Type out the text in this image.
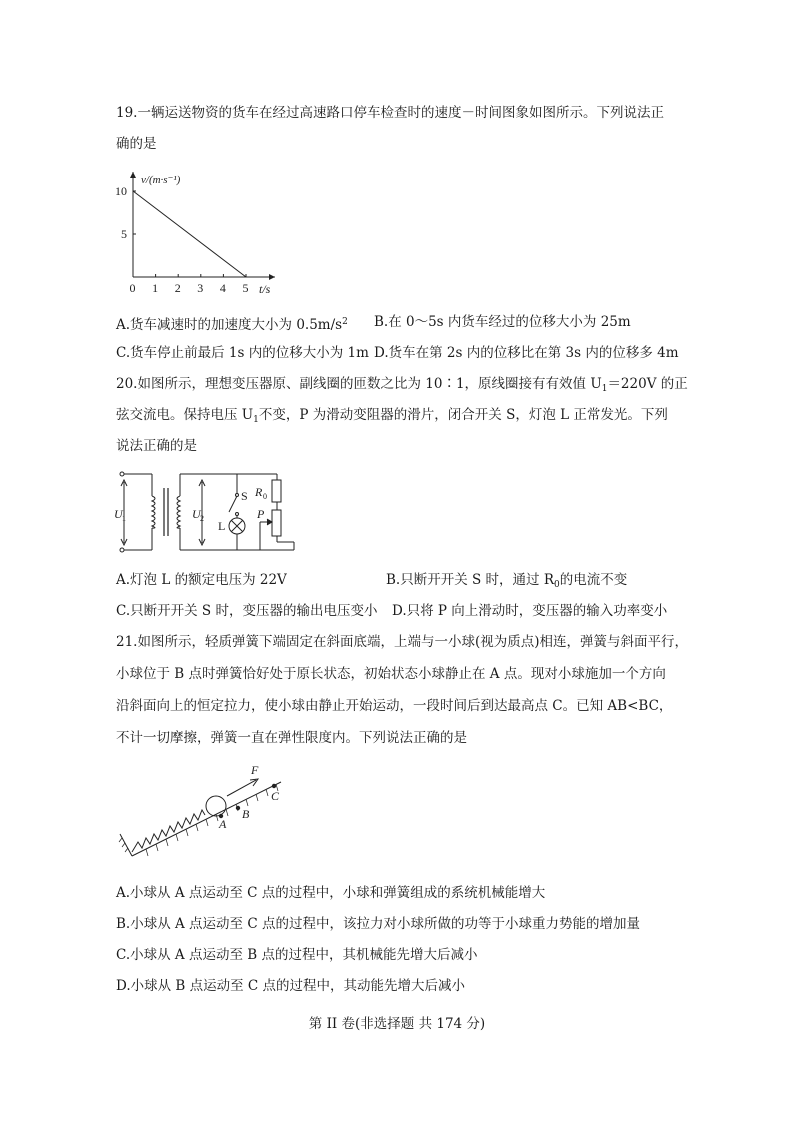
19.一辆运送物资的货车在经过高速路口停车检查时的速度－时间图象如图所示。下列说法正
确的是
0 1 2 3 4 5
5
10
v/(m·s⁻¹)
t/s
A.货车减速时的加速度大小为 $0.5m/s^2$ B.在 0～5s 内货车经过的位移大小为 25m
C.货车停止前最后 1s 内的位移大小为 1m D.货车在第 2s 内的位移比在第 3s 内的位移多 4m
20.如图所示，理想变压器原、副线圈的匝数之比为 10∶1，原线圈接有有效值 $U_1=220V$ 的正
弦交流电。保持电压 $U_1$不变，P 为滑动变阻器的滑片，闭合开关 S，灯泡 L 正常发光。下列
说法正确的是
U 1	U 2
S
L
R 0
P
A.灯泡 L 的额定电压为 22V	B.只断开开关 S 时，通过 $R_0$的电流不变
C.只断开开关 S 时，变压器的输出电压变小 D.只将 P 向上滑动时，变压器的输入功率变小
21.如图所示，轻质弹簧下端固定在斜面底端，上端与一小球(视为质点)相连，弹簧与斜面平行，
小球位于 B 点时弹簧恰好处于原长状态，初始状态小球静止在 A 点。现对小球施加一个方向
沿斜面向上的恒定拉力，使小球由静止开始运动，一段时间后到达最高点 C。已知 AB<BC，
不计一切摩擦，弹簧一直在弹性限度内。下列说法正确的是
F
A
B
C
A.小球从 A 点运动至 C 点的过程中，小球和弹簧组成的系统机械能增大
B.小球从 A 点运动至 C 点的过程中，该拉力对小球所做的功等于小球重力势能的增加量
C.小球从 A 点运动至 B 点的过程中，其机械能先增大后减小
D.小球从 B 点运动至 C 点的过程中，其动能先增大后减小
第 II 卷(非选择题 共 174 分)
